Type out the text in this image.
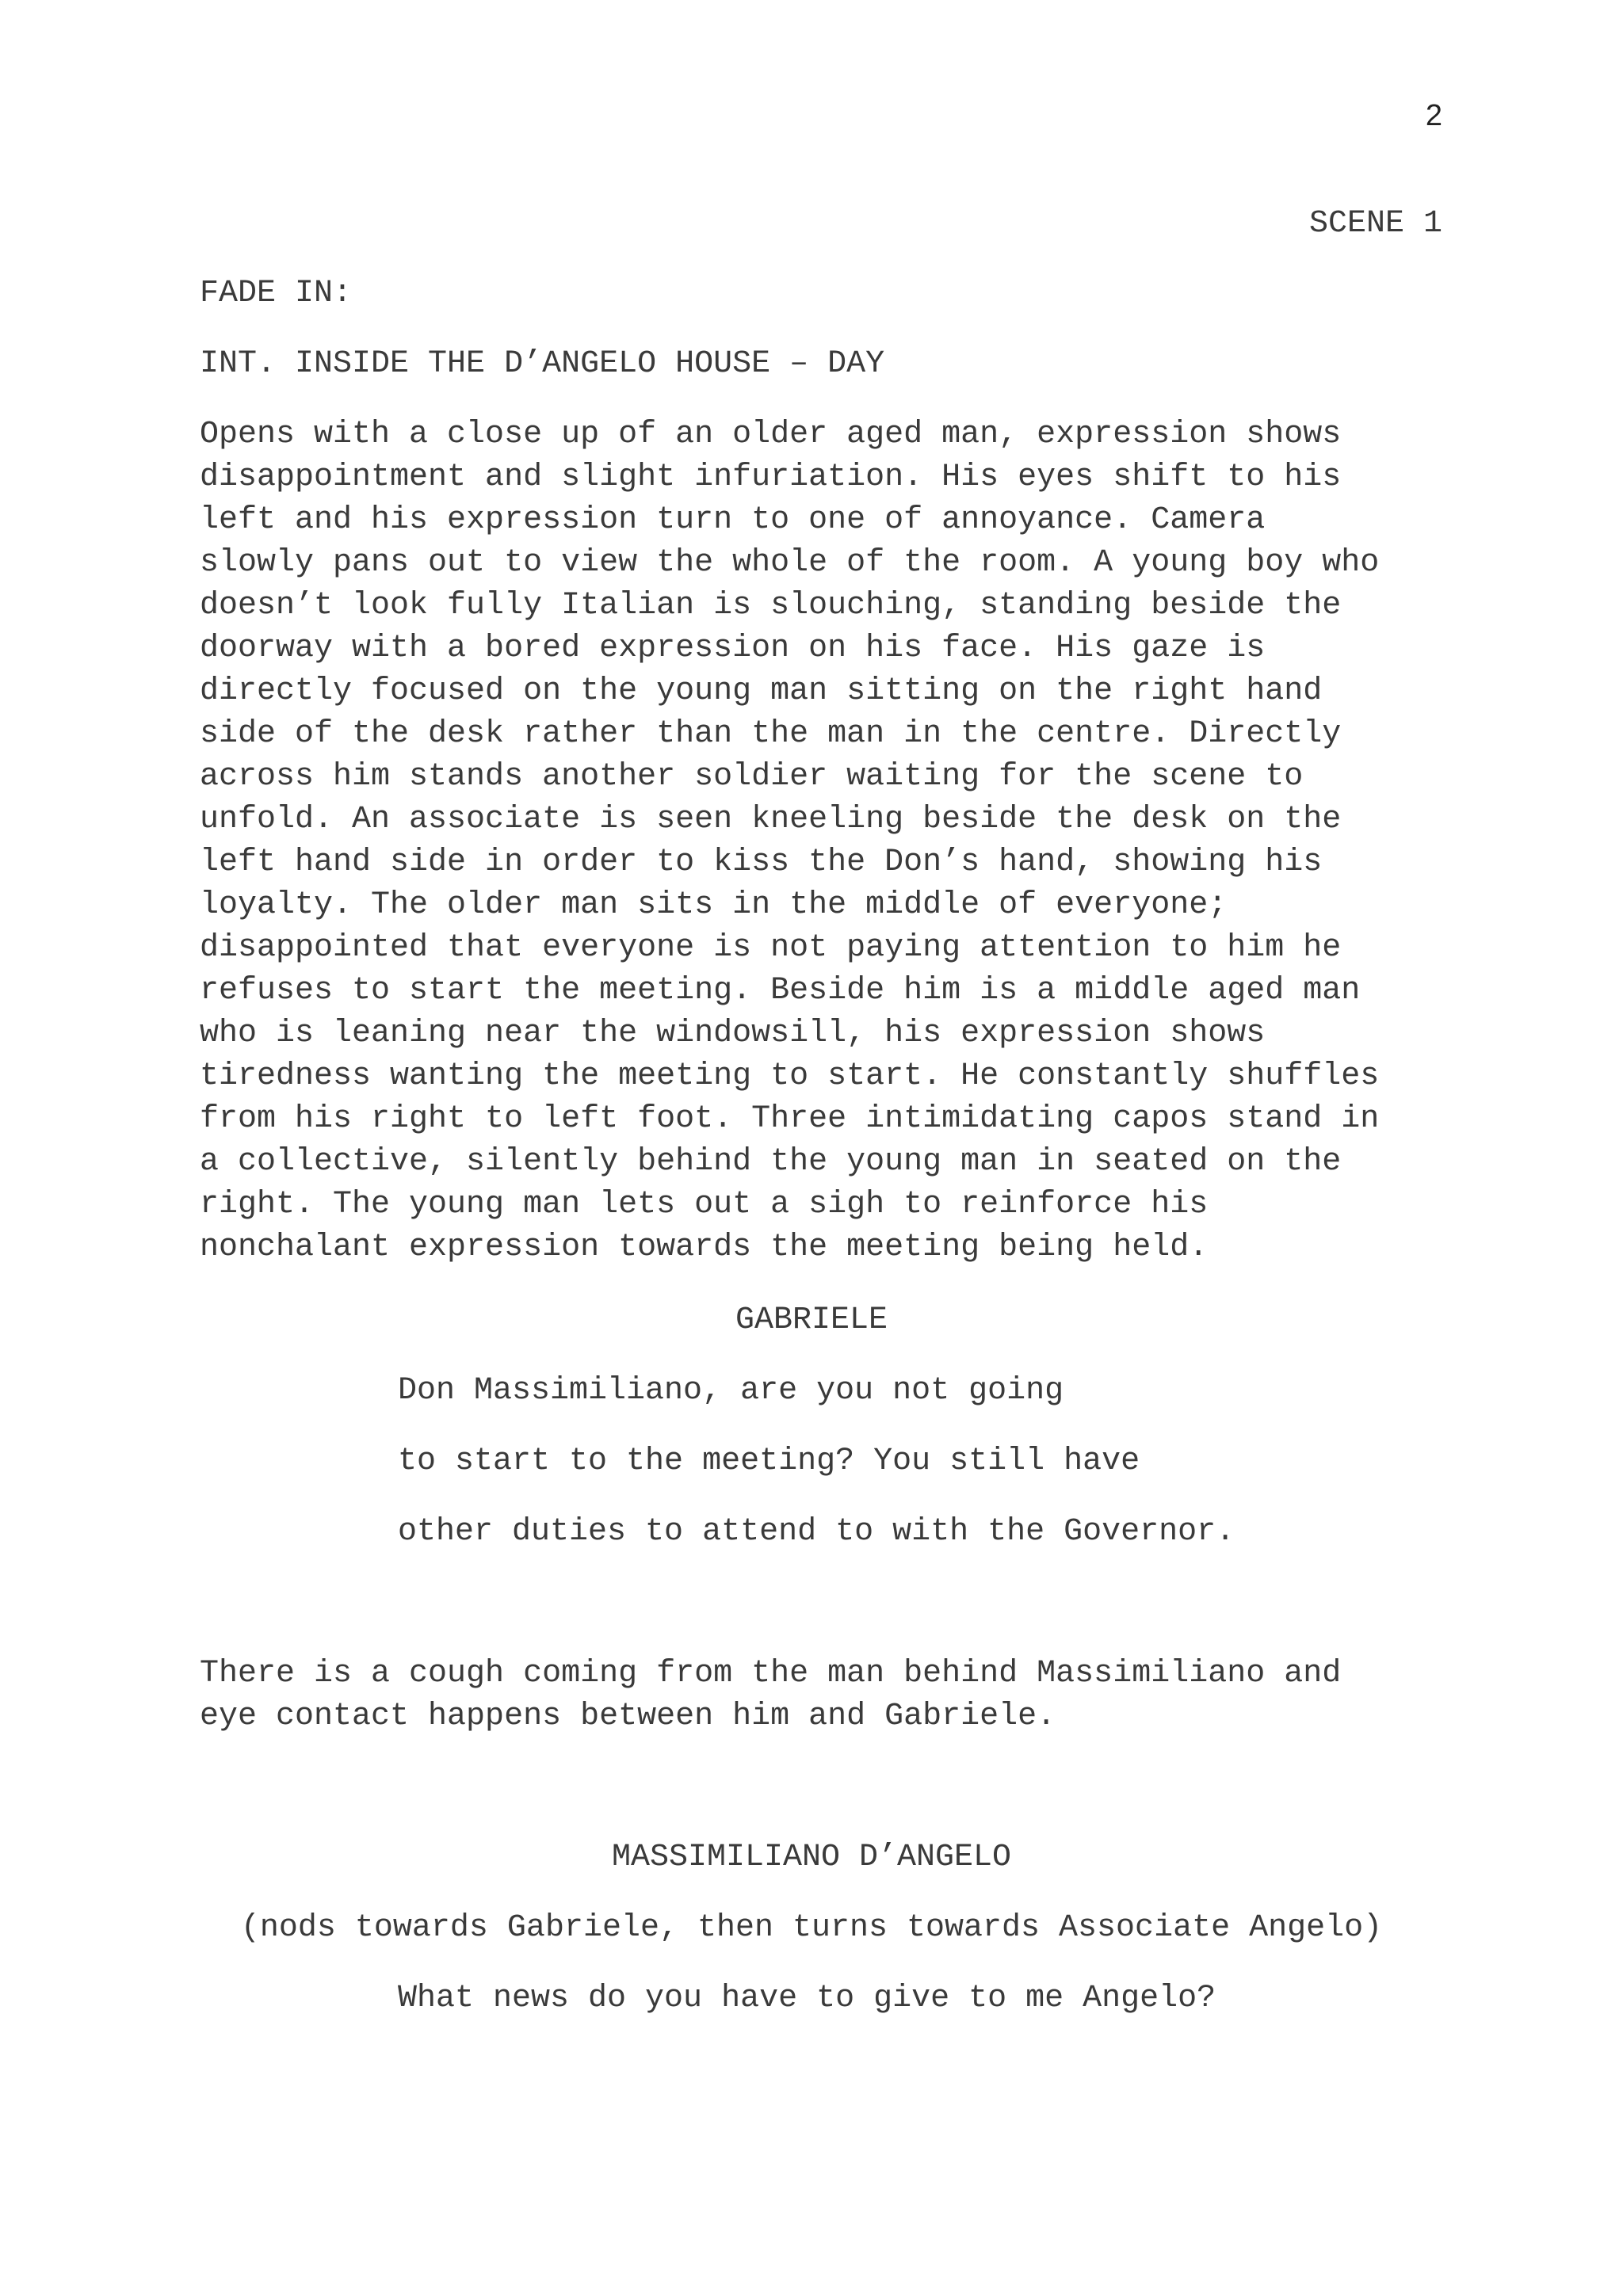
2
SCENE 1
FADE IN:
INT. INSIDE THE D’ANGELO HOUSE – DAY
Opens with a close up of an older aged man, expression shows
disappointment and slight infuriation. His eyes shift to his
left and his expression turn to one of annoyance. Camera
slowly pans out to view the whole of the room. A young boy who
doesn’t look fully Italian is slouching, standing beside the
doorway with a bored expression on his face. His gaze is
directly focused on the young man sitting on the right hand
side of the desk rather than the man in the centre. Directly
across him stands another soldier waiting for the scene to
unfold. An associate is seen kneeling beside the desk on the
left hand side in order to kiss the Don’s hand, showing his
loyalty. The older man sits in the middle of everyone;
disappointed that everyone is not paying attention to him he
refuses to start the meeting. Beside him is a middle aged man
who is leaning near the windowsill, his expression shows
tiredness wanting the meeting to start. He constantly shuffles
from his right to left foot. Three intimidating capos stand in
a collective, silently behind the young man in seated on the
right. The young man lets out a sigh to reinforce his
nonchalant expression towards the meeting being held.
GABRIELE
Don Massimiliano, are you not going
to start to the meeting? You still have
other duties to attend to with the Governor.
There is a cough coming from the man behind Massimiliano and
eye contact happens between him and Gabriele.
MASSIMILIANO D’ANGELO
(nods towards Gabriele, then turns towards Associate Angelo)
What news do you have to give to me Angelo?
